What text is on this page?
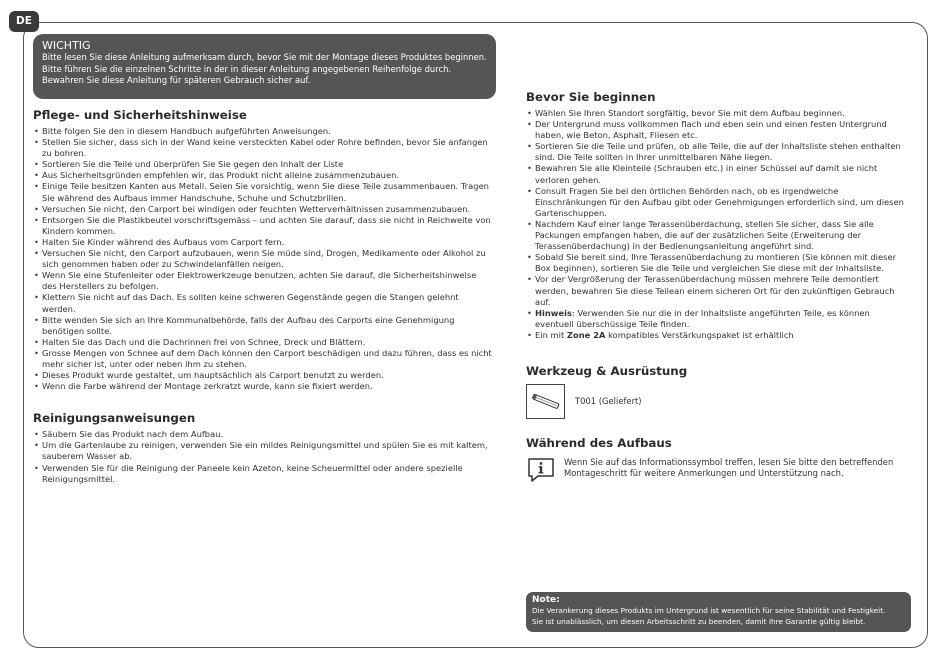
DE
WICHTIG
Bitte lesen Sie diese Anleitung aufmerksam durch, bevor Sie mit der Montage dieses Produktes beginnen.
Bitte führen Sie die einzelnen Schritte in der in dieser Anleitung angegebenen Reihenfolge durch.
Bewahren Sie diese Anleitung für späteren Gebrauch sicher auf.
Pflege- und Sicherheitshinweise
• Bitte folgen Sie den in diesem Handbuch aufgeführten Anweisungen.
• Stellen Sie sicher, dass sich in der Wand keine versteckten Kabel oder Rohre befinden, bevor Sie anfangen zu bohren.
• Sortieren Sie die Teile und überprüfen Sie Sie gegen den Inhalt der Liste
• Aus Sicherheitsgründen empfehlen wir, das Produkt nicht alleine zusammenzubauen.
• Einige Teile besitzen Kanten aus Metall. Seien Sie vorsichtig, wenn Sie diese Teile zusammenbauen. Tragen Sie während des Aufbaus immer Handschuhe, Schuhe und Schutzbrillen.
• Versuchen Sie nicht, den Carport bei windigen oder feuchten Wetterverhältnissen zusammenzubauen.
• Entsorgen Sie die Plastikbeutel vorschriftsgemäss – und achten Sie darauf, dass sie nicht in Reichweite von Kindern kommen.
• Halten Sie Kinder während des Aufbaus vom Carport fern.
• Versuchen Sie nicht, den Carport aufzubauen, wenn Sie müde sind, Drogen, Medikamente oder Alkohol zu sich genommen haben oder zu Schwindelanfällen neigen.
• Wenn Sie eine Stufenleiter oder Elektrowerkzeuge benutzen, achten Sie darauf, die Sicherheitshinweise des Herstellers zu befolgen.
• Klettern Sie nicht auf das Dach. Es sollten keine schweren Gegenstände gegen die Stangen gelehnt werden.
• Bitte wenden Sie sich an Ihre Kommunalbehörde, falls der Aufbau des Carports eine Genehmigung benötigen sollte.
• Halten Sie das Dach und die Dachrinnen frei von Schnee, Dreck und Blättern.
• Grosse Mengen von Schnee auf dem Dach können den Carport beschädigen und dazu führen, dass es nicht mehr sicher ist, unter oder neben ihm zu stehen.
• Dieses Produkt wurde gestaltet, um hauptsächlich als Carport benutzt zu werden.
• Wenn die Farbe während der Montage zerkratzt wurde, kann sie fixiert werden.
Reinigungsanweisungen
• Säubern Sie das Produkt nach dem Aufbau.
• Um die Gartenlaube zu reinigen, verwenden Sie ein mildes Reinigungsmittel und spülen Sie es mit kaltem, sauberem Wasser ab.
• Verwenden Sie für die Reinigung der Paneele kein Azeton, keine Scheuermittel oder andere spezielle Reinigungsmittel.
Bevor Sie beginnen
• Wählen Sie Ihren Standort sorgfältig, bevor Sie mit dem Aufbau beginnen.
• Der Untergrund muss vollkommen flach und eben sein und einen festen Untergrund haben, wie Beton, Asphalt, Fliesen etc.
• Sortieren Sie die Teile und prüfen, ob alle Teile, die auf der Inhaltsliste stehen enthalten sind. Die Teile sollten in Ihrer unmittelbaren Nähe liegen.
• Bewahren Sie alle Kleinteile (Schrauben etc.) in einer Schüssel auf damit sie nicht verloren gehen.
• Consult Fragen Sie bei den örtlichen Behörden nach, ob es irgendwelche Einschränkungen für den Aufbau gibt oder Genehmigungen erforderlich sind, um diesen Gartenschuppen.
• Nachdem Kauf einer lange Terassenüberdachung, stellen Sie sicher, dass Sie alle Packungen empfangen haben, die auf der zusätzlichen Seite (Erweiterung der Terassenüberdachung) in der Bedienungsanleitung angeführt sind.
• Sobald Sie bereit sind, Ihre Terassenüberdachung zu montieren (Sie können mit dieser Box beginnen), sortieren Sie die Teile und vergleichen Sie diese mit der Inhaltsliste.
• Vor der Vergrößerung der Terassenüberdachung müssen mehrere Teile demontiert werden, bewahren Sie diese Teilean einem sicheren Ort für den zukünftigen Gebrauch auf.
• Hinweis: Verwenden Sie nur die in der Inhaltsliste angeführten Teile, es können eventuell überschüssige Teile finden.
• Ein mit Zone 2A kompatibles Verstärkungspaket ist erhältlich
Werkzeug & Ausrüstung
T001 (Geliefert)
Während des Aufbaus
Wenn Sie auf das Informationssymbol treffen, lesen Sie bitte den betreffenden
Montageschritt für weitere Anmerkungen und Unterstützung nach.
Note:
Die Verankerung dieses Produkts im Untergrund ist wesentlich für seine Stabilität und Festigkeit.
Sie ist unablässlich, um diesen Arbeitsschritt zu beenden, damit Ihre Garantie gültig bleibt.
